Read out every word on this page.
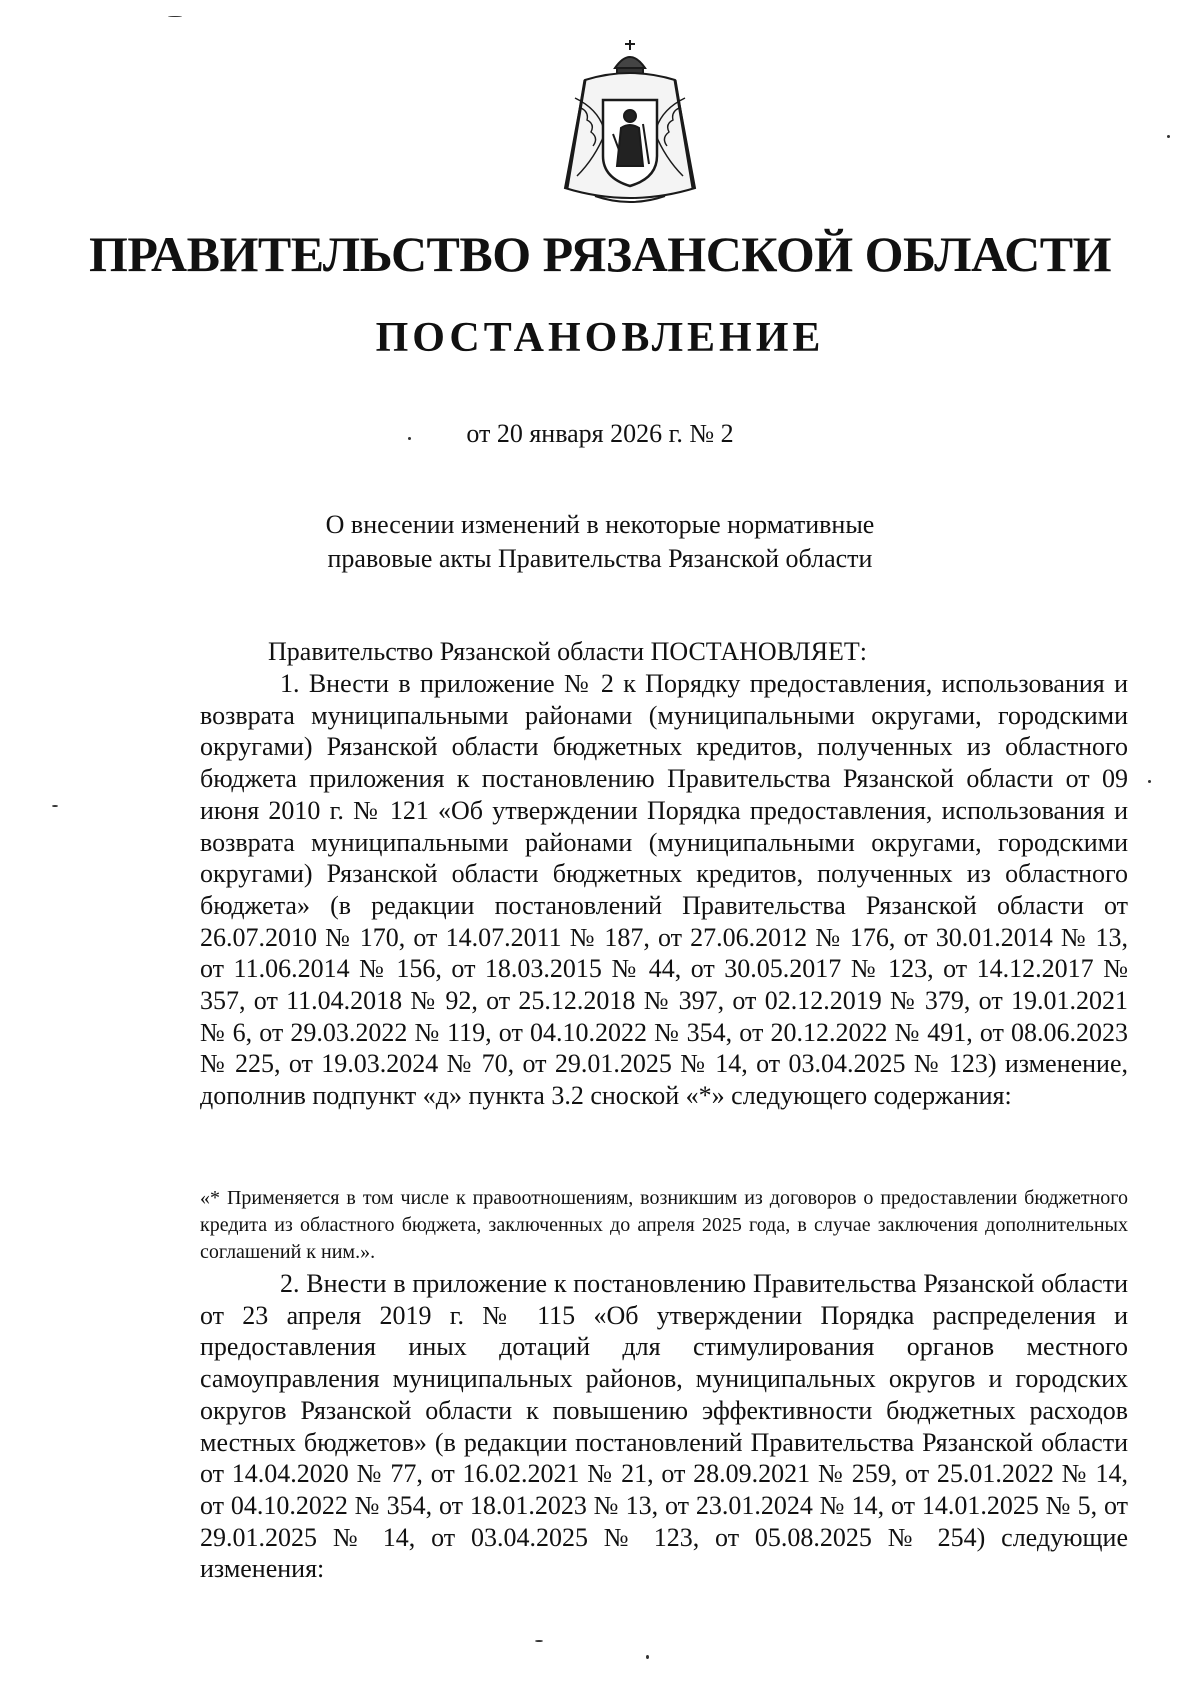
ПРАВИТЕЛЬСТВО РЯЗАНСКОЙ ОБЛАСТИ
ПОСТАНОВЛЕНИЕ
от 20 января 2026 г. № 2
О внесении изменений в некоторые нормативные
правовые акты Правительства Рязанской области
Правительство Рязанской области ПОСТАНОВЛЯЕТ:

1. Внести в приложение № 2 к Порядку предоставления, использования и возврата муниципальными районами (муниципальными округами, городскими округами) Рязанской области бюджетных кредитов, полученных из областного бюджета приложения к постановлению Правительства Рязанской области от 09 июня 2010 г. № 121 «Об утверждении Порядка предоставления, использования и возврата муниципальными районами (муниципальными округами, городскими округами) Рязанской области бюджетных кредитов, полученных из областного бюджета» (в редакции постановлений Правительства Рязанской области от 26.07.2010 № 170, от 14.07.2011 № 187, от 27.06.2012 № 176, от 30.01.2014 № 13, от 11.06.2014 № 156, от 18.03.2015 № 44, от 30.05.2017 № 123, от 14.12.2017 № 357, от 11.04.2018 № 92, от 25.12.2018 № 397, от 02.12.2019 № 379, от 19.01.2021 № 6, от 29.03.2022 № 119, от 04.10.2022 № 354, от 20.12.2022 № 491, от 08.06.2023 № 225, от 19.03.2024 № 70, от 29.01.2025 № 14, от 03.04.2025 № 123) изменение, дополнив подпункт «д» пункта 3.2 сноской «*» следующего содержания:

«* Применяется в том числе к правоотношениям, возникшим из договоров о предоставлении бюджетного кредита из областного бюджета, заключенных до апреля 2025 года, в случае заключения дополнительных соглашений к ним.».

2. Внести в приложение к постановлению Правительства Рязанской области от 23 апреля 2019 г. № 115 «Об утверждении Порядка распределения и предоставления иных дотаций для стимулирования органов местного самоуправления муниципальных районов, муниципальных округов и городских округов Рязанской области к повышению эффективности бюджетных расходов местных бюджетов» (в редакции постановлений Правительства Рязанской области от 14.04.2020 № 77, от 16.02.2021 № 21, от 28.09.2021 № 259, от 25.01.2022 № 14, от 04.10.2022 № 354, от 18.01.2023 № 13, от 23.01.2024 № 14, от 14.01.2025 № 5, от 29.01.2025 № 14, от 03.04.2025 № 123, от 05.08.2025 № 254) следующие изменения:
